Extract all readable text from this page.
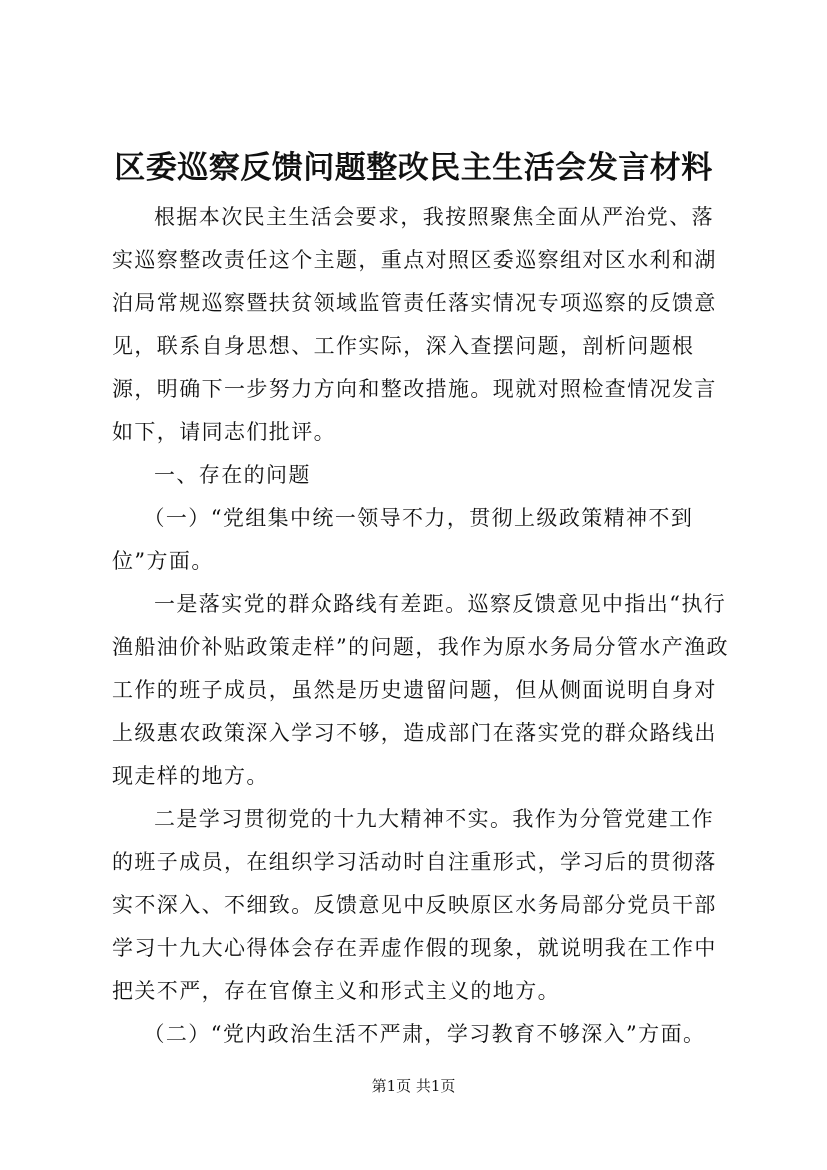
区委巡察反馈问题整改民主生活会发言材料

根据本次民主生活会要求，我按照聚焦全面从严治党、落实巡察整改责任这个主题，重点对照区委巡察组对区水利和湖泊局常规巡察暨扶贫领域监管责任落实情况专项巡察的反馈意见，联系自身思想、工作实际，深入查摆问题，剖析问题根源，明确下一步努力方向和整改措施。现就对照检查情况发言如下，请同志们批评。

一、存在的问题

（一）“党组集中统一领导不力，贯彻上级政策精神不到位”方面。

一是落实党的群众路线有差距。巡察反馈意见中指出“执行渔船油价补贴政策走样”的问题，我作为原水务局分管水产渔政工作的班子成员，虽然是历史遗留问题，但从侧面说明自身对上级惠农政策深入学习不够，造成部门在落实党的群众路线出现走样的地方。

二是学习贯彻党的十九大精神不实。我作为分管党建工作的班子成员，在组织学习活动时自注重形式，学习后的贯彻落实不深入、不细致。反馈意见中反映原区水务局部分党员干部学习十九大心得体会存在弄虚作假的现象，就说明我在工作中把关不严，存在官僚主义和形式主义的地方。

（二）“党内政治生活不严肃，学习教育不够深入”方面。

第1页 共1页
